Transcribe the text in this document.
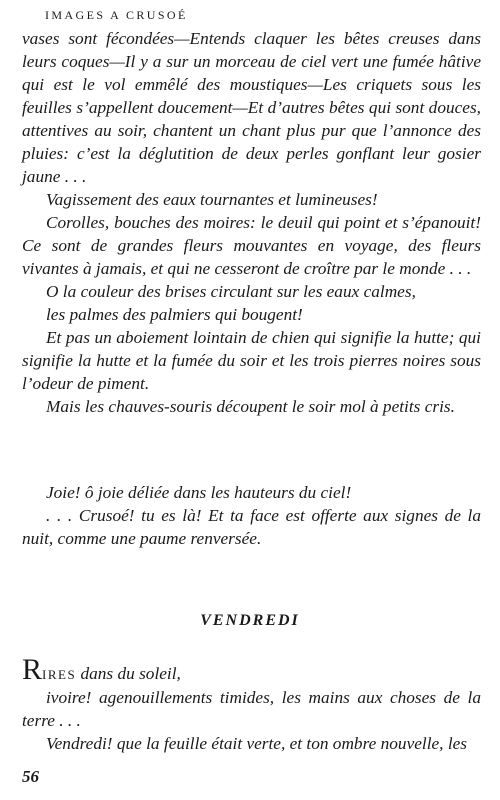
IMAGES A CRUSOÉ

vases sont fécondées—Entends claquer les bêtes creuses dans leurs coques—Il y a sur un morceau de ciel vert une fumée hâtive qui est le vol emmêlé des moustiques—Les criquets sous les feuilles s’appellent doucement—Et d’autres bêtes qui sont douces, attentives au soir, chantent un chant plus pur que l’annonce des pluies: c’est la déglutition de deux perles gonflant leur gosier jaune . . .

Vagissement des eaux tournantes et lumineuses!

Corolles, bouches des moires: le deuil qui point et s’épanouit! Ce sont de grandes fleurs mouvantes en voyage, des fleurs vivantes à jamais, et qui ne cesseront de croître par le monde . . .

O la couleur des brises circulant sur les eaux calmes,

les palmes des palmiers qui bougent!

Et pas un aboiement lointain de chien qui signifie la hutte; qui signifie la hutte et la fumée du soir et les trois pierres noires sous l’odeur de piment.

Mais les chauves-souris découpent le soir mol à petits cris.

Joie! ô joie déliée dans les hauteurs du ciel!

. . . Crusoé! tu es là! Et ta face est offerte aux signes de la nuit, comme une paume renversée.

VENDREDI

RIRES dans du soleil,

ivoire! agenouillements timides, les mains aux choses de la terre . . .

Vendredi! que la feuille était verte, et ton ombre nouvelle, les

56
